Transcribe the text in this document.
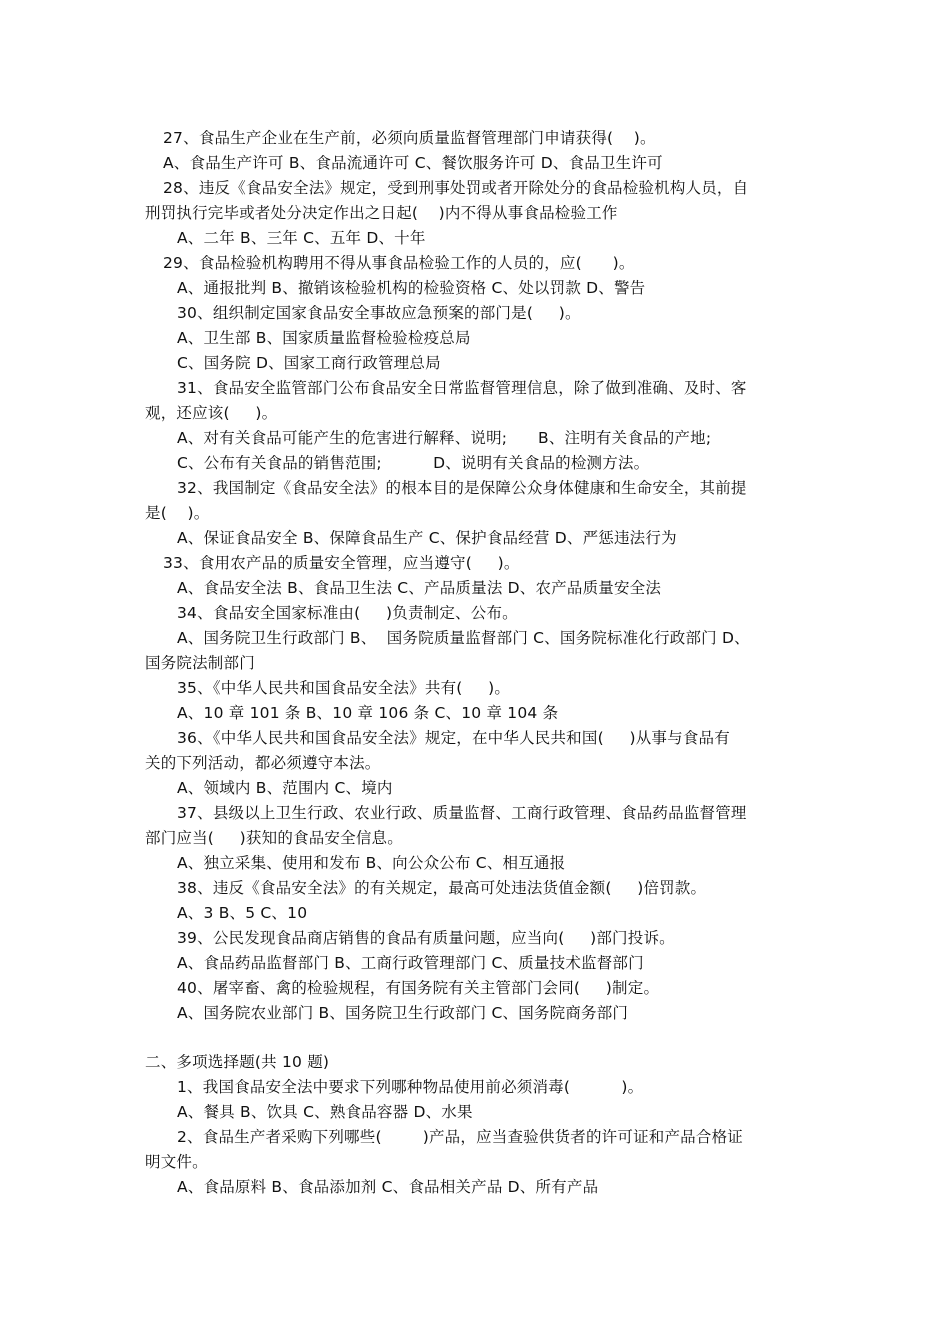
27、食品生产企业在生产前，必须向质量监督管理部门申请获得(    )。
A、食品生产许可 B、食品流通许可 C、餐饮服务许可 D、食品卫生许可
28、违反《食品安全法》规定，受到刑事处罚或者开除处分的食品检验机构人员，自
刑罚执行完毕或者处分决定作出之日起(    )内不得从事食品检验工作
A、二年 B、三年 C、五年 D、十年
29、食品检验机构聘用不得从事食品检验工作的人员的，应(      )。
A、通报批判 B、撤销该检验机构的检验资格 C、处以罚款 D、警告
30、组织制定国家食品安全事故应急预案的部门是(     )。
A、卫生部 B、国家质量监督检验检疫总局
C、国务院 D、国家工商行政管理总局
31、食品安全监管部门公布食品安全日常监督管理信息，除了做到准确、及时、客
观，还应该(     )。
A、对有关食品可能产生的危害进行解释、说明;      B、注明有关食品的产地;
C、公布有关食品的销售范围;          D、说明有关食品的检测方法。
32、我国制定《食品安全法》的根本目的是保障公众身体健康和生命安全，其前提
是(    )。
A、保证食品安全 B、保障食品生产 C、保护食品经营 D、严惩违法行为
33、食用农产品的质量安全管理，应当遵守(     )。
A、食品安全法 B、食品卫生法 C、产品质量法 D、农产品质量安全法
34、食品安全国家标准由(     )负责制定、公布。
A、国务院卫生行政部门 B、  国务院质量监督部门 C、国务院标准化行政部门 D、
国务院法制部门
35、《中华人民共和国食品安全法》共有(     )。
A、10 章 101 条 B、10 章 106 条 C、10 章 104 条
36、《中华人民共和国食品安全法》规定，在中华人民共和国(     )从事与食品有
关的下列活动，都必须遵守本法。
A、领域内 B、范围内 C、境内
37、县级以上卫生行政、农业行政、质量监督、工商行政管理、食品药品监督管理
部门应当(     )获知的食品安全信息。
A、独立采集、使用和发布 B、向公众公布 C、相互通报
38、违反《食品安全法》的有关规定，最高可处违法货值金额(     )倍罚款。
A、3 B、5 C、10
39、公民发现食品商店销售的食品有质量问题，应当向(     )部门投诉。
A、食品药品监督部门 B、工商行政管理部门 C、质量技术监督部门
40、屠宰畜、禽的检验规程，有国务院有关主管部门会同(     )制定。
A、国务院农业部门 B、国务院卫生行政部门 C、国务院商务部门
二、多项选择题(共 10 题)
1、我国食品安全法中要求下列哪种物品使用前必须消毒(          )。
A、餐具 B、饮具 C、熟食品容器 D、水果
2、食品生产者采购下列哪些(        )产品，应当查验供货者的许可证和产品合格证
明文件。
A、食品原料 B、食品添加剂 C、食品相关产品 D、所有产品
